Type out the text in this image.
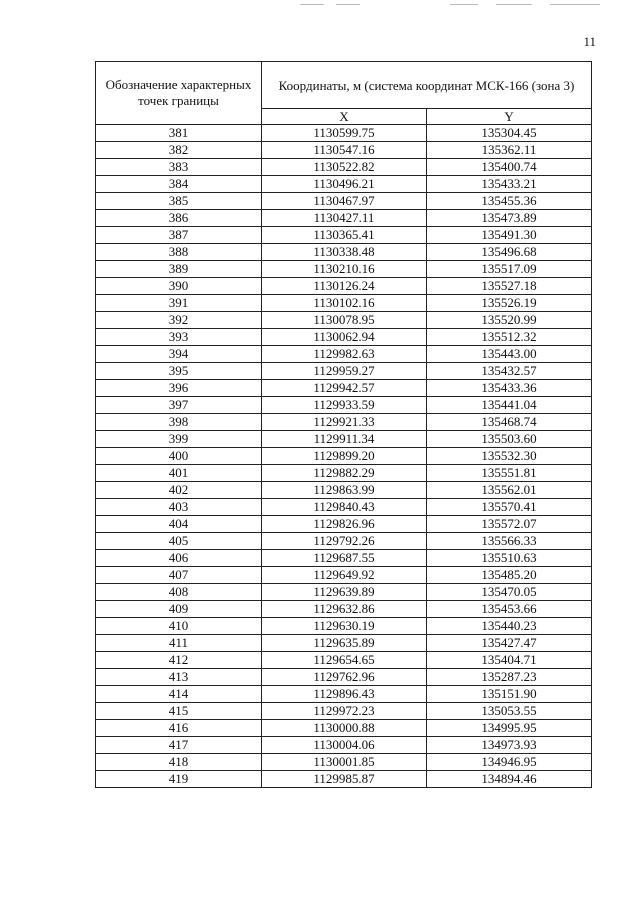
11
Обозначение характерных точек границы	Координаты, м (система координат МСК-166 (зона 3)	
	X	Y
381	1130599.75	135304.45
382	1130547.16	135362.11
383	1130522.82	135400.74
384	1130496.21	135433.21
385	1130467.97	135455.36
386	1130427.11	135473.89
387	1130365.41	135491.30
388	1130338.48	135496.68
389	1130210.16	135517.09
390	1130126.24	135527.18
391	1130102.16	135526.19
392	1130078.95	135520.99
393	1130062.94	135512.32
394	1129982.63	135443.00
395	1129959.27	135432.57
396	1129942.57	135433.36
397	1129933.59	135441.04
398	1129921.33	135468.74
399	1129911.34	135503.60
400	1129899.20	135532.30
401	1129882.29	135551.81
402	1129863.99	135562.01
403	1129840.43	135570.41
404	1129826.96	135572.07
405	1129792.26	135566.33
406	1129687.55	135510.63
407	1129649.92	135485.20
408	1129639.89	135470.05
409	1129632.86	135453.66
410	1129630.19	135440.23
411	1129635.89	135427.47
412	1129654.65	135404.71
413	1129762.96	135287.23
414	1129896.43	135151.90
415	1129972.23	135053.55
416	1130000.88	134995.95
417	1130004.06	134973.93
418	1130001.85	134946.95
419	1129985.87	134894.46
